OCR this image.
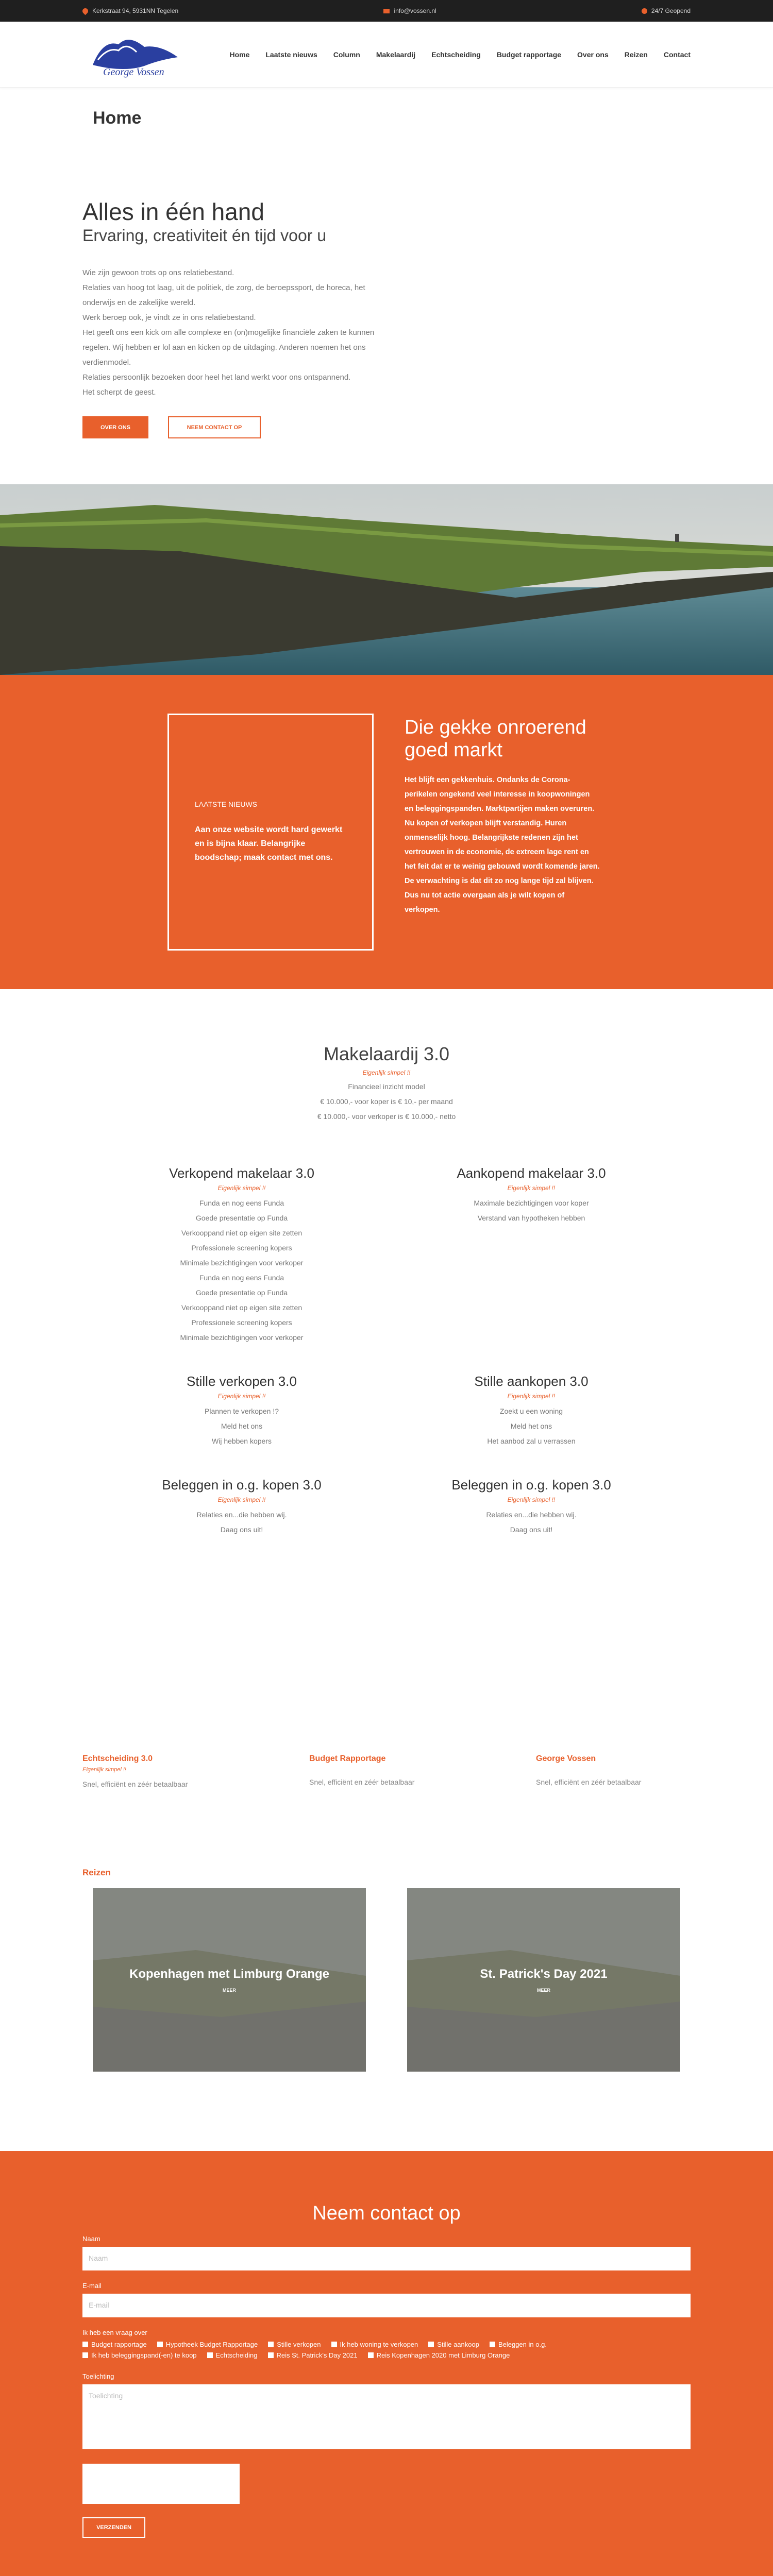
Kerkstraat 94, 5931NN Tegelen	info@vossen.nl	24/7 Geopend
George Vossen
Home Laatste nieuws Column Makelaardij Echtscheiding Budget rapportage Over ons Reizen Contact
Home
Alles in één hand
Ervaring, creativiteit én tijd voor u
Wie zijn gewoon trots op ons relatiebestand.
Relaties van hoog tot laag, uit de politiek, de zorg, de beroepssport, de horeca, het onderwijs en de zakelijke wereld.
Werk beroep ook, je vindt ze in ons relatiebestand.
Het geeft ons een kick om alle complexe en (on)mogelijke financiële zaken te kunnen regelen. Wij hebben er lol aan en kicken op de uitdaging. Anderen noemen het ons verdienmodel.
Relaties persoonlijk bezoeken door heel het land werkt voor ons ontspannend.
Het scherpt de geest.
OVER ONS	NEEM CONTACT OP
LAATSTE NIEUWS
Aan onze website wordt hard gewerkt en is bijna klaar. Belangrijke boodschap; maak contact met ons.
Die gekke onroerend goed markt

Het blijft een gekkenhuis. Ondanks de Corona-perikelen ongekend veel interesse in koopwoningen en beleggingspanden. Marktpartijen maken overuren. Nu kopen of verkopen blijft verstandig. Huren onmenselijk hoog. Belangrijkste redenen zijn het vertrouwen in de economie, de extreem lage rent en het feit dat er te weinig gebouwd wordt komende jaren. De verwachting is dat dit zo nog lange tijd zal blijven. Dus nu tot actie overgaan als je wilt kopen of verkopen.

Makelaardij 3.0
Eigenlijk simpel !!
Financieel inzicht model
€ 10.000,- voor koper is € 10,- per maand
€ 10.000,- voor verkoper is € 10.000,- netto
Verkopend makelaar 3.0
Eigenlijk simpel !!
Funda en nog eens Funda
Goede presentatie op Funda
Verkooppand niet op eigen site zetten
Professionele screening kopers
Minimale bezichtigingen voor verkoper
Funda en nog eens Funda
Goede presentatie op Funda
Verkooppand niet op eigen site zetten
Professionele screening kopers
Minimale bezichtigingen voor verkoper
Aankopend makelaar 3.0
Eigenlijk simpel !!
Maximale bezichtigingen voor koper
Verstand van hypotheken hebben
Stille verkopen 3.0
Eigenlijk simpel !!
Plannen te verkopen !?
Meld het ons
Wij hebben kopers
Stille aankopen 3.0
Eigenlijk simpel !!
Zoekt u een woning
Meld het ons
Het aanbod zal u verrassen
Beleggen in o.g. kopen 3.0
Eigenlijk simpel !!
Relaties en...die hebben wij.
Daag ons uit!
Beleggen in o.g. kopen 3.0
Eigenlijk simpel !!
Relaties en...die hebben wij.
Daag ons uit!
Echtscheiding 3.0
Eigenlijk simpel !!
Snel, efficiënt en zéér betaalbaar
Budget Rapportage
Snel, efficiënt en zéér betaalbaar
George Vossen
Snel, efficiënt en zéér betaalbaar
Reizen
Kopenhagen met Limburg Orange
MEER
St. Patrick's Day 2021
MEER
Neem contact op
Naam
Naam
E-mail
E-mail
Ik heb een vraag over
Budget rapportage	Hypotheek Budget Rapportage	Stille verkopen	Ik heb woning te verkopen	Stille aankoop	Beleggen in o.g.
Ik heb beleggingspand(-en) te koop	Echtscheiding	Reis St. Patrick's Day 2021	Reis Kopenhagen 2020 met Limburg Orange
Toelichting
Toelichting
VERZENDEN
